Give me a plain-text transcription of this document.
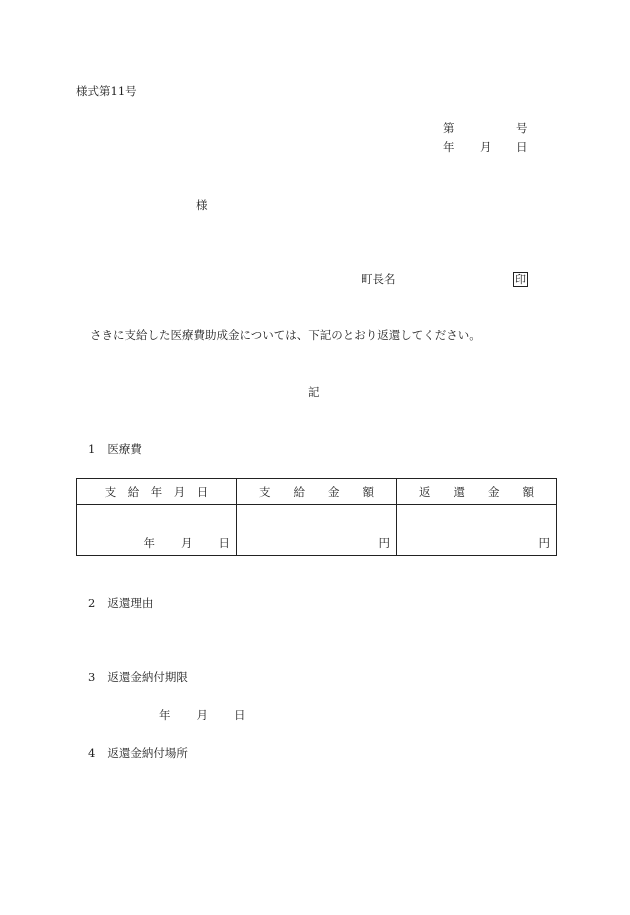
様式第11号
第	号
年 月 日
様
町長名	印
さきに支給した医療費助成金については、下記のとおり返還してください。
記
1 医療費
支　給　年　月　日	支　　給　　金　　額	返　　還　　金　　額

年 月 日	円	円
2 返還理由
3 返還金納付期限
年 月 日
4 返還金納付場所
